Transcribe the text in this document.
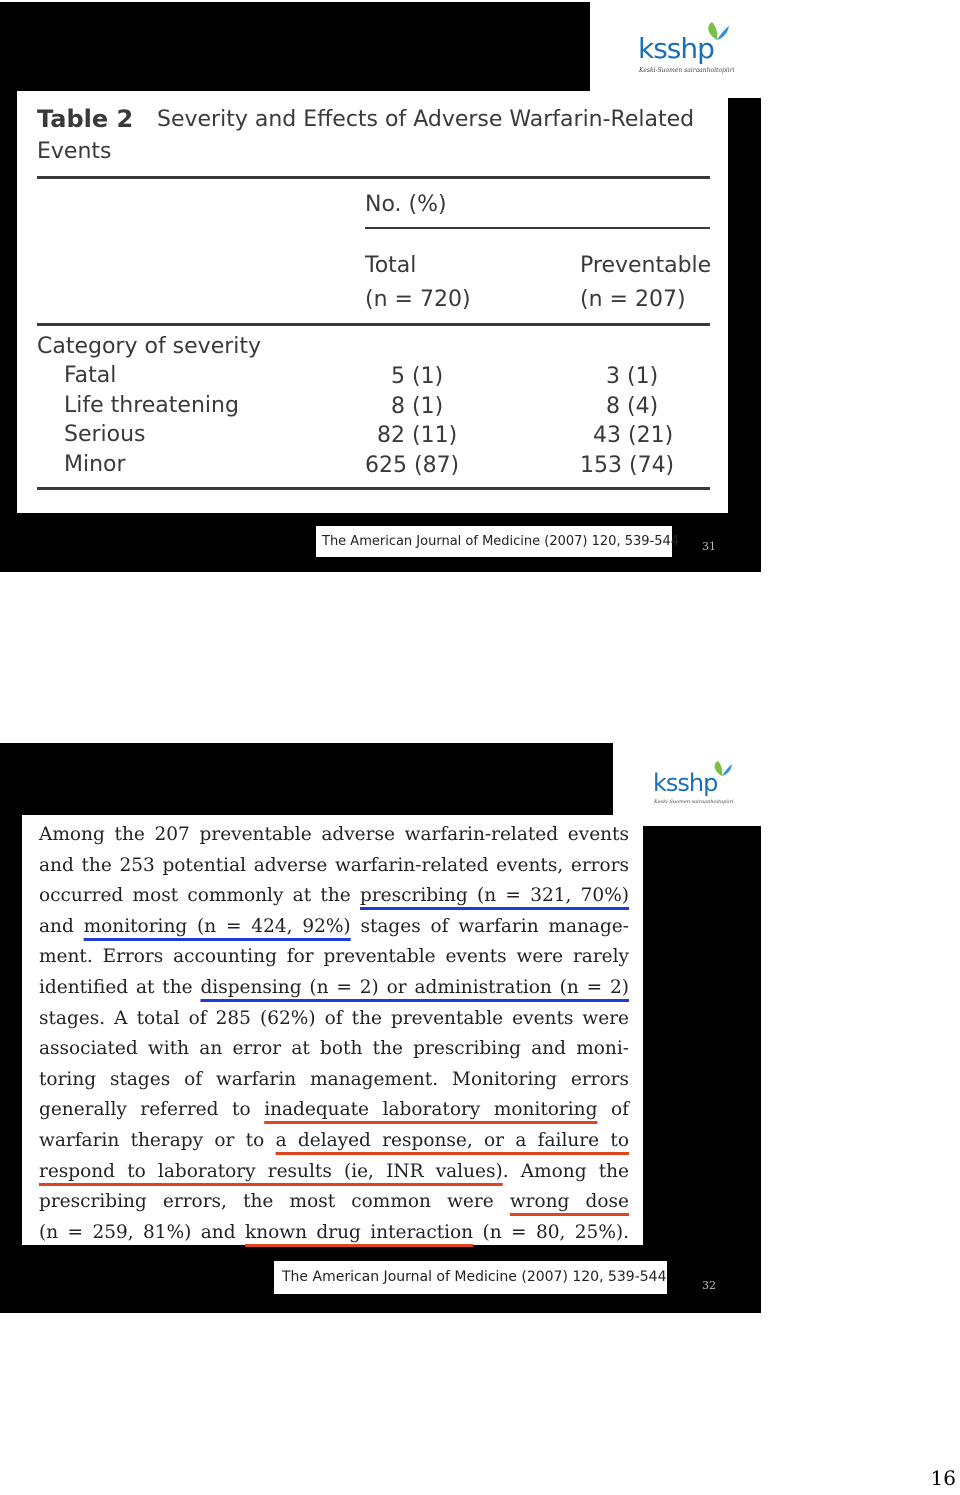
ksshp
Keski-Suomen sairaanhoitopiiri
Table 2 Severity and Effects of Adverse Warfarin-Related
Events
No. (%)
Total
(n = 720)
Preventable
(n = 207)
Category of severity
Fatal	5 (1)	3 (1)
Life threatening	8 (1)	8 (4)
Serious	82 (11)	43 (21)
Minor	625 (87)	153 (74)
The American Journal of Medicine (2007) 120, 539-544 31
ksshp
Keski-Suomen sairaanhoitopiiri
Among the 207 preventable adverse warfarin-related events
and the 253 potential adverse warfarin-related events, errors
occurred most commonly at the prescribing (n = 321, 70%)
and monitoring (n = 424, 92%) stages of warfarin manage-
ment. Errors accounting for preventable events were rarely
identified at the dispensing (n = 2) or administration (n = 2)
stages. A total of 285 (62%) of the preventable events were
associated with an error at both the prescribing and moni-
toring stages of warfarin management. Monitoring errors
generally referred to inadequate laboratory monitoring of
warfarin therapy or to a delayed response, or a failure to
respond to laboratory results (ie, INR values). Among the
prescribing errors, the most common were wrong dose
(n = 259, 81%) and known drug interaction (n = 80, 25%).
The American Journal of Medicine (2007) 120, 539-544
32
16
